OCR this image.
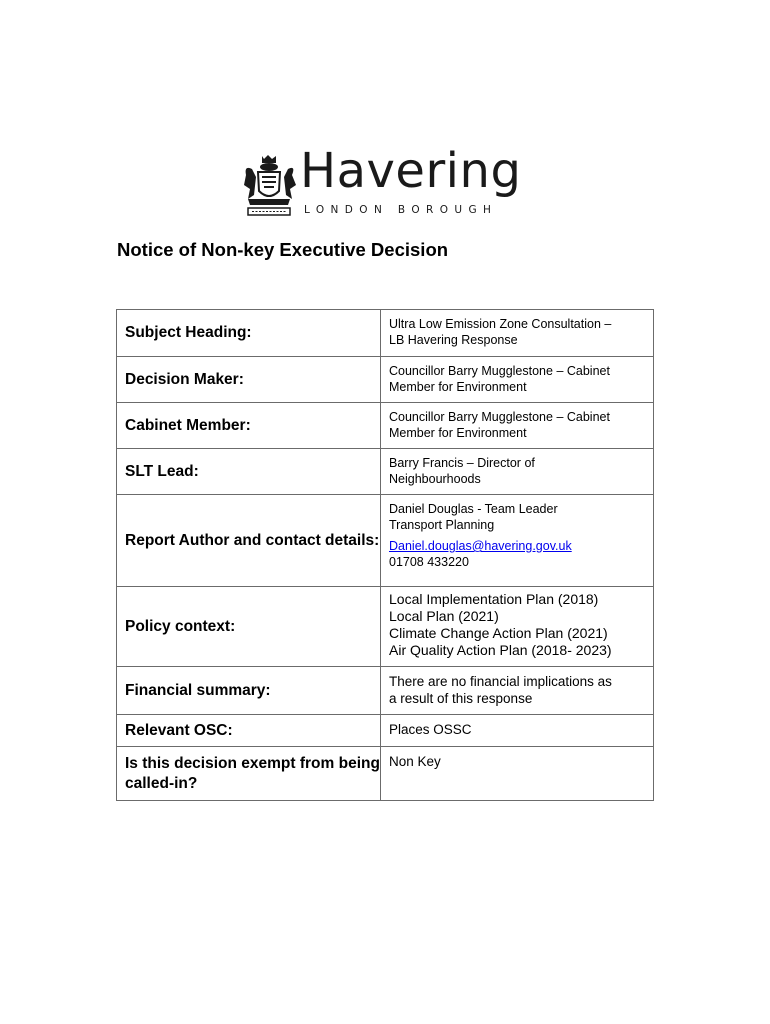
Havering
LONDON BOROUGH
Notice of Non-key Executive Decision
Subject Heading:	Ultra Low Emission Zone Consultation –
LB Havering Response

Decision Maker:	Councillor Barry Mugglestone – Cabinet
Member for Environment

Cabinet Member:	Councillor Barry Mugglestone – Cabinet
Member for Environment

SLT Lead:	Barry Francis – Director of
Neighbourhoods

Report Author and contact details:	Daniel Douglas - Team Leader
Transport Planning
Daniel.douglas@havering.gov.uk
01708 433220

Policy context:	Local Implementation Plan (2018)
Local Plan (2021)
Climate Change Action Plan (2021)
Air Quality Action Plan (2018- 2023)

Financial summary:	There are no financial implications as
a result of this response

Relevant OSC:	Places OSSC

Is this decision exempt from being called-in?	Non Key
